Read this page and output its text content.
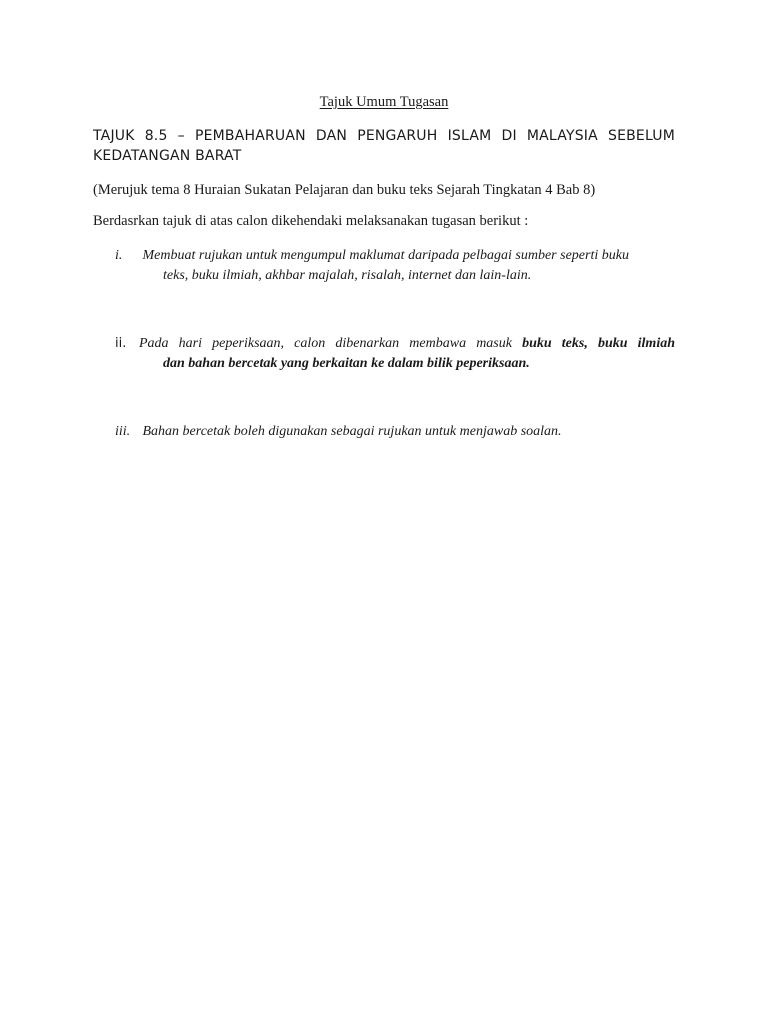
Tajuk Umum Tugasan
TAJUK 8.5 – PEMBAHARUAN DAN PENGARUH ISLAM DI MALAYSIA SEBELUM
KEDATANGAN BARAT
(Merujuk tema 8 Huraian Sukatan Pelajaran dan buku teks Sejarah Tingkatan 4 Bab 8)
Berdasrkan tajuk di atas calon dikehendaki melaksanakan tugasan berikut :
i. Membuat rujukan untuk mengumpul maklumat daripada pelbagai sumber seperti buku
teks, buku ilmiah, akhbar majalah, risalah, internet dan lain-lain.
ii. Pada hari peperiksaan, calon dibenarkan membawa masuk buku teks, buku ilmiah
dan bahan bercetak yang berkaitan ke dalam bilik peperiksaan.
iii. Bahan bercetak boleh digunakan sebagai rujukan untuk menjawab soalan.
